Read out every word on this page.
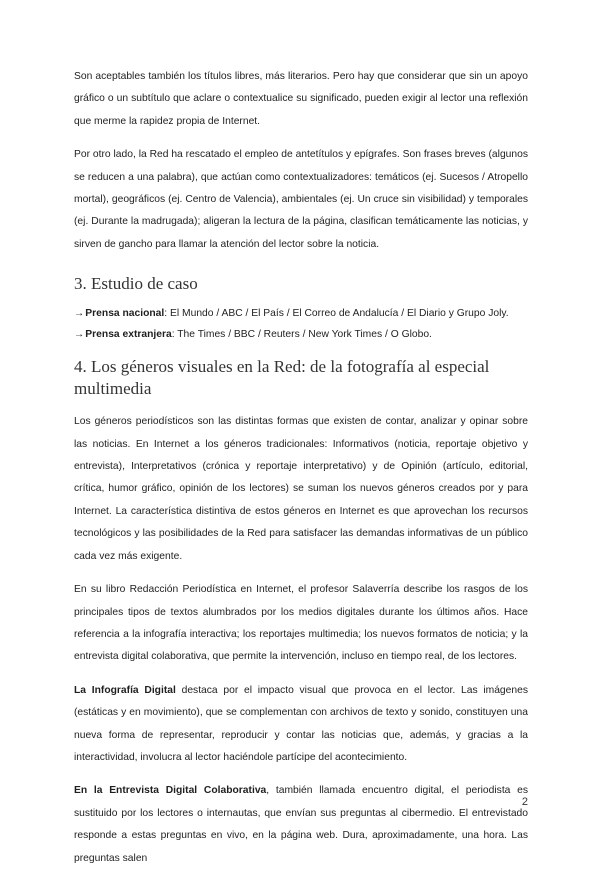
Son aceptables también los títulos libres, más literarios. Pero hay que considerar que sin un apoyo gráfico o un subtítulo que aclare o contextualice su significado, pueden exigir al lector una reflexión que merme la rapidez propia de Internet.

Por otro lado, la Red ha rescatado el empleo de antetítulos y epígrafes. Son frases breves (algunos se reducen a una palabra), que actúan como contextualizadores: temáticos (ej. Sucesos / Atropello mortal), geográficos (ej. Centro de Valencia), ambientales (ej. Un cruce sin visibilidad) y temporales (ej. Durante la madrugada); aligeran la lectura de la página, clasifican temáticamente las noticias, y sirven de gancho para llamar la atención del lector sobre la noticia.

3. Estudio de caso
→Prensa nacional: El Mundo / ABC / El País / El Correo de Andalucía / El Diario y Grupo Joly.
→Prensa extranjera: The Times / BBC / Reuters / New York Times / O Globo.
4. Los géneros visuales en la Red: de la fotografía al especial multimedia

Los géneros periodísticos son las distintas formas que existen de contar, analizar y opinar sobre las noticias. En Internet a los géneros tradicionales: Informativos (noticia, reportaje objetivo y entrevista), Interpretativos (crónica y reportaje interpretativo) y de Opinión (artículo, editorial, crítica, humor gráfico, opinión de los lectores) se suman los nuevos géneros creados por y para Internet. La característica distintiva de estos géneros en Internet es que aprovechan los recursos tecnológicos y las posibilidades de la Red para satisfacer las demandas informativas de un público cada vez más exigente.

En su libro Redacción Periodística en Internet, el profesor Salaverría describe los rasgos de los principales tipos de textos alumbrados por los medios digitales durante los últimos años. Hace referencia a la infografía interactiva; los reportajes multimedia; los nuevos formatos de noticia; y la entrevista digital colaborativa, que permite la intervención, incluso en tiempo real, de los lectores.

La Infografía Digital destaca por el impacto visual que provoca en el lector. Las imágenes (estáticas y en movimiento), que se complementan con archivos de texto y sonido, constituyen una nueva forma de representar, reproducir y contar las noticias que, además, y gracias a la interactividad, involucra al lector haciéndole partícipe del acontecimiento.

En la Entrevista Digital Colaborativa, también llamada encuentro digital, el periodista es sustituido por los lectores o internautas, que envían sus preguntas al cibermedio. El entrevistado responde a estas preguntas en vivo, en la página web. Dura, aproximadamente, una hora. Las preguntas salen

2
